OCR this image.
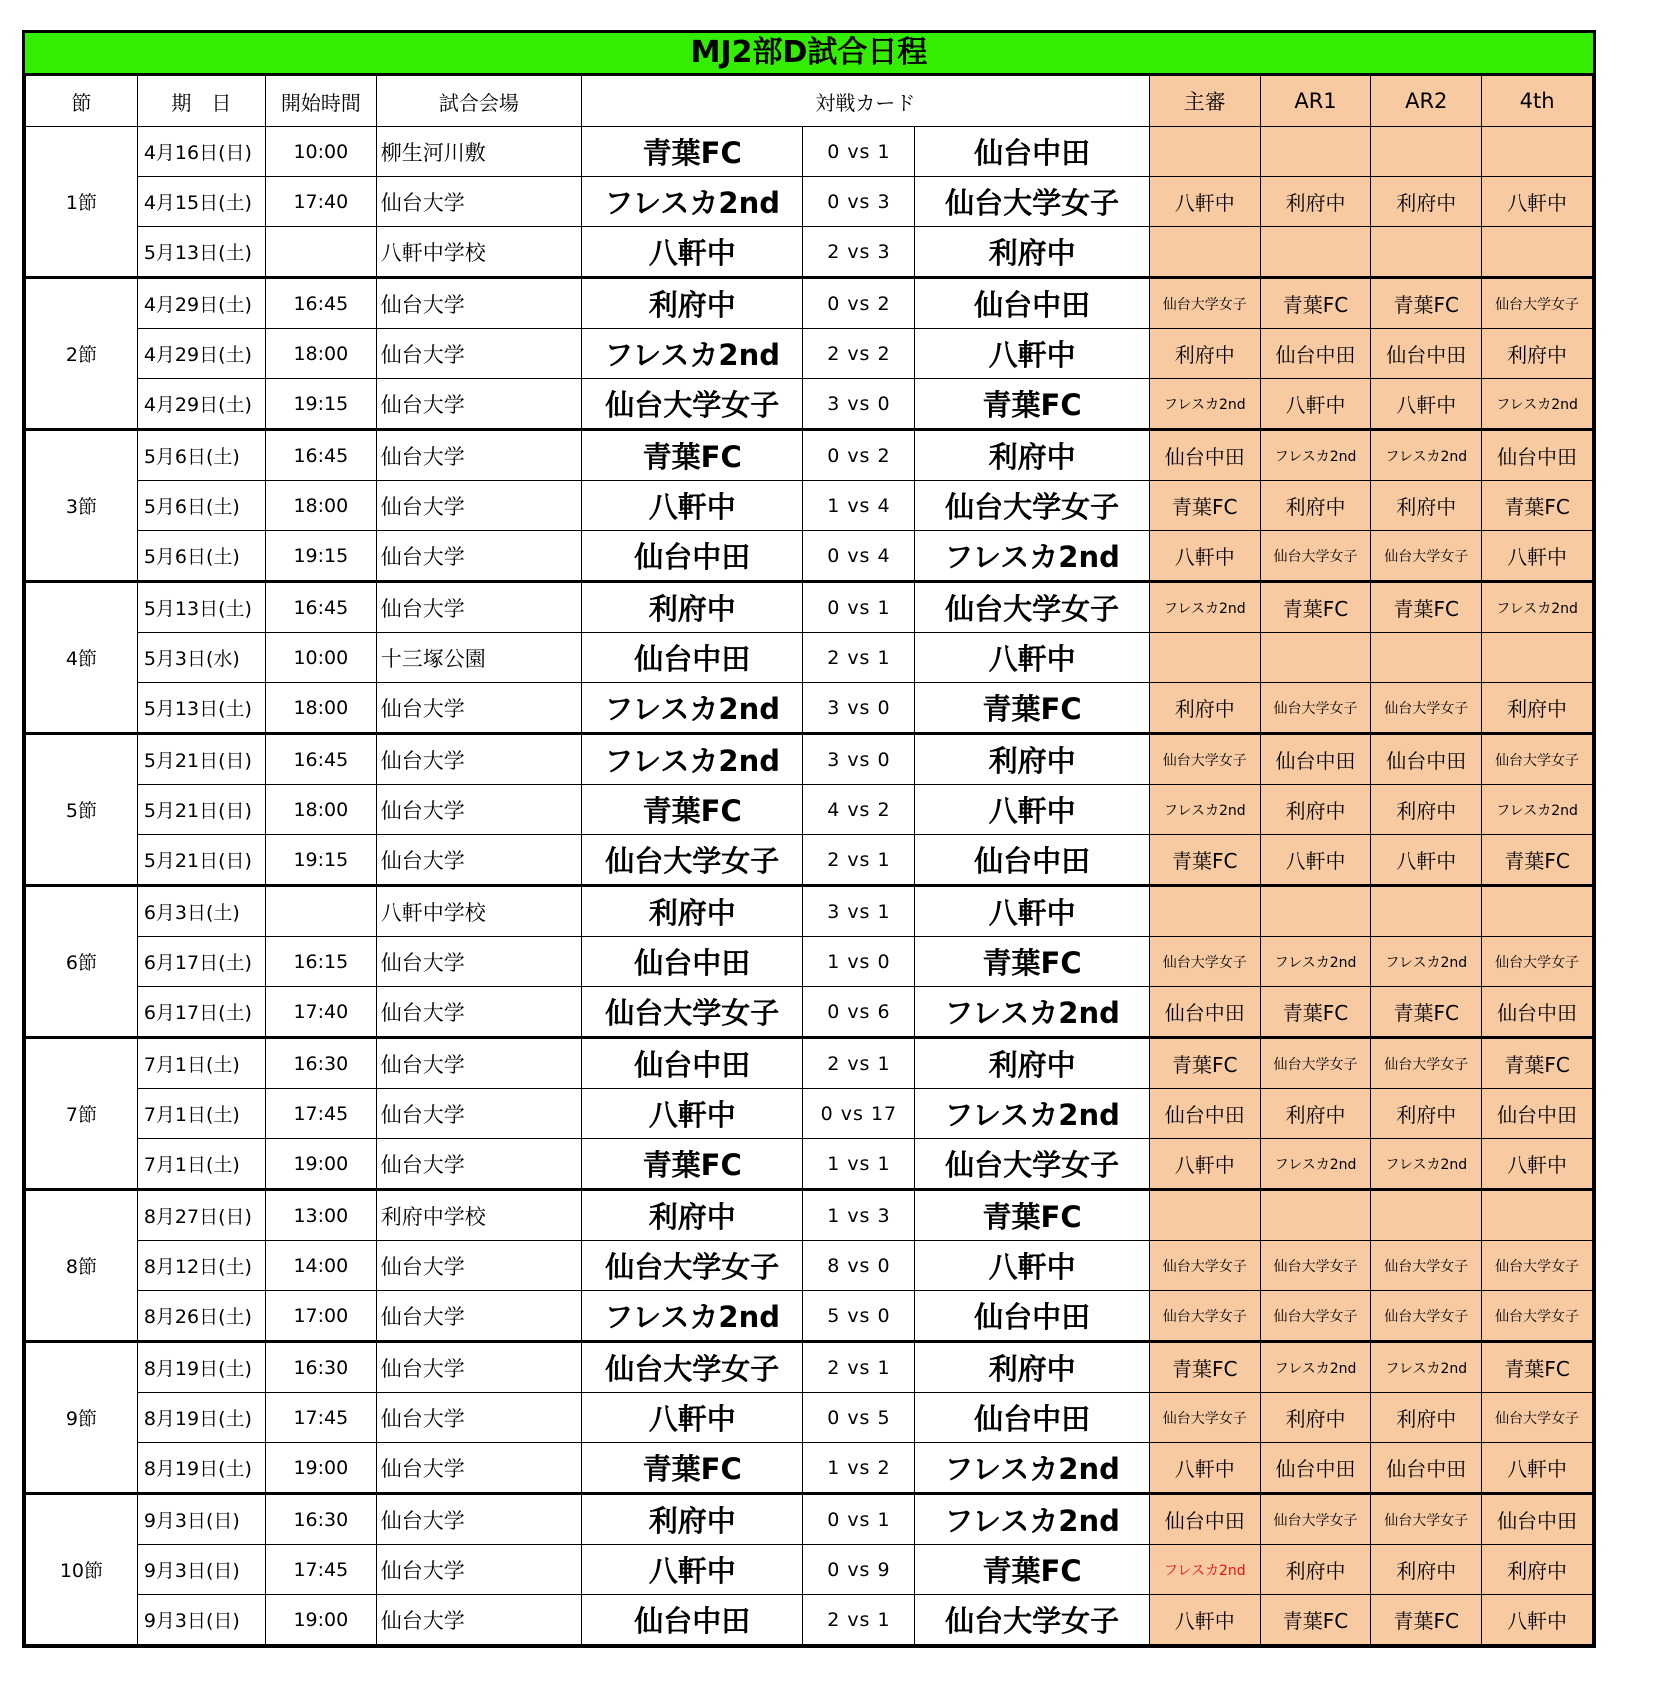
MJ2部D試合日程
節	期　日	開始時間	試合会場	対戦カード			主審	AR1	AR2	4th
1節	4月16日(日)	10:00	柳生河川敷	青葉FC	0 vs 1	仙台中田				
	4月15日(土)	17:40	仙台大学	フレスカ2nd	0 vs 3	仙台大学女子	八軒中	利府中	利府中	八軒中
	5月13日(土)		八軒中学校	八軒中	2 vs 3	利府中				
2節	4月29日(土)	16:45	仙台大学	利府中	0 vs 2	仙台中田	仙台大学女子	青葉FC	青葉FC	仙台大学女子
	4月29日(土)	18:00	仙台大学	フレスカ2nd	2 vs 2	八軒中	利府中	仙台中田	仙台中田	利府中
	4月29日(土)	19:15	仙台大学	仙台大学女子	3 vs 0	青葉FC	フレスカ2nd	八軒中	八軒中	フレスカ2nd
3節	5月6日(土)	16:45	仙台大学	青葉FC	0 vs 2	利府中	仙台中田	フレスカ2nd	フレスカ2nd	仙台中田
	5月6日(土)	18:00	仙台大学	八軒中	1 vs 4	仙台大学女子	青葉FC	利府中	利府中	青葉FC
	5月6日(土)	19:15	仙台大学	仙台中田	0 vs 4	フレスカ2nd	八軒中	仙台大学女子	仙台大学女子	八軒中
4節	5月13日(土)	16:45	仙台大学	利府中	0 vs 1	仙台大学女子	フレスカ2nd	青葉FC	青葉FC	フレスカ2nd
	5月3日(水)	10:00	十三塚公園	仙台中田	2 vs 1	八軒中				
	5月13日(土)	18:00	仙台大学	フレスカ2nd	3 vs 0	青葉FC	利府中	仙台大学女子	仙台大学女子	利府中
5節	5月21日(日)	16:45	仙台大学	フレスカ2nd	3 vs 0	利府中	仙台大学女子	仙台中田	仙台中田	仙台大学女子
	5月21日(日)	18:00	仙台大学	青葉FC	4 vs 2	八軒中	フレスカ2nd	利府中	利府中	フレスカ2nd
	5月21日(日)	19:15	仙台大学	仙台大学女子	2 vs 1	仙台中田	青葉FC	八軒中	八軒中	青葉FC
6節	6月3日(土)		八軒中学校	利府中	3 vs 1	八軒中				
	6月17日(土)	16:15	仙台大学	仙台中田	1 vs 0	青葉FC	仙台大学女子	フレスカ2nd	フレスカ2nd	仙台大学女子
	6月17日(土)	17:40	仙台大学	仙台大学女子	0 vs 6	フレスカ2nd	仙台中田	青葉FC	青葉FC	仙台中田
7節	7月1日(土)	16:30	仙台大学	仙台中田	2 vs 1	利府中	青葉FC	仙台大学女子	仙台大学女子	青葉FC
	7月1日(土)	17:45	仙台大学	八軒中	0 vs 17	フレスカ2nd	仙台中田	利府中	利府中	仙台中田
	7月1日(土)	19:00	仙台大学	青葉FC	1 vs 1	仙台大学女子	八軒中	フレスカ2nd	フレスカ2nd	八軒中
8節	8月27日(日)	13:00	利府中学校	利府中	1 vs 3	青葉FC				
	8月12日(土)	14:00	仙台大学	仙台大学女子	8 vs 0	八軒中	仙台大学女子	仙台大学女子	仙台大学女子	仙台大学女子
	8月26日(土)	17:00	仙台大学	フレスカ2nd	5 vs 0	仙台中田	仙台大学女子	仙台大学女子	仙台大学女子	仙台大学女子
9節	8月19日(土)	16:30	仙台大学	仙台大学女子	2 vs 1	利府中	青葉FC	フレスカ2nd	フレスカ2nd	青葉FC
	8月19日(土)	17:45	仙台大学	八軒中	0 vs 5	仙台中田	仙台大学女子	利府中	利府中	仙台大学女子
	8月19日(土)	19:00	仙台大学	青葉FC	1 vs 2	フレスカ2nd	八軒中	仙台中田	仙台中田	八軒中
10節	9月3日(日)	16:30	仙台大学	利府中	0 vs 1	フレスカ2nd	仙台中田	仙台大学女子	仙台大学女子	仙台中田
	9月3日(日)	17:45	仙台大学	八軒中	0 vs 9	青葉FC	フレスカ2nd	利府中	利府中	利府中
	9月3日(日)	19:00	仙台大学	仙台中田	2 vs 1	仙台大学女子	八軒中	青葉FC	青葉FC	八軒中
